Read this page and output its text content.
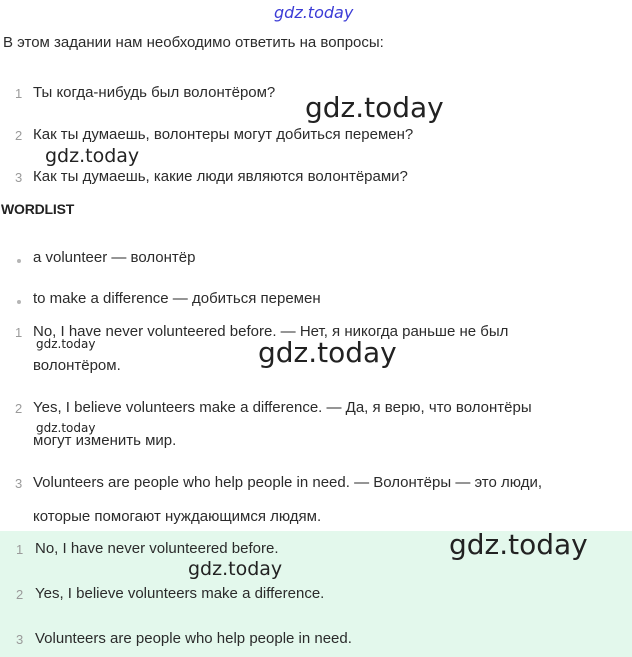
gdz.today
В этом задании нам необходимо ответить на вопросы:
1 Ты когда-нибудь был волонтёром?
2 Как ты думаешь, волонтеры могут добиться перемен?
3 Как ты думаешь, какие люди являются волонтёрами?
gdz.today
gdz.today
WORDLIST
a volunteer — волонтёр
to make a difference — добиться перемен
1 No, I have never volunteered before. — Нет, я никогда раньше не был
волонтёром.
2 Yes, I believe volunteers make a difference. — Да, я верю, что волонтёры
могут изменить мир.
3 Volunteers are people who help people in need. — Волонтёры — это люди,
которые помогают нуждающимся людям.
gdz.today	gdz.today
gdz.today
1 No, I have never volunteered before.
2 Yes, I believe volunteers make a difference.
3 Volunteers are people who help people in need.
gdz.today
gdz.today
